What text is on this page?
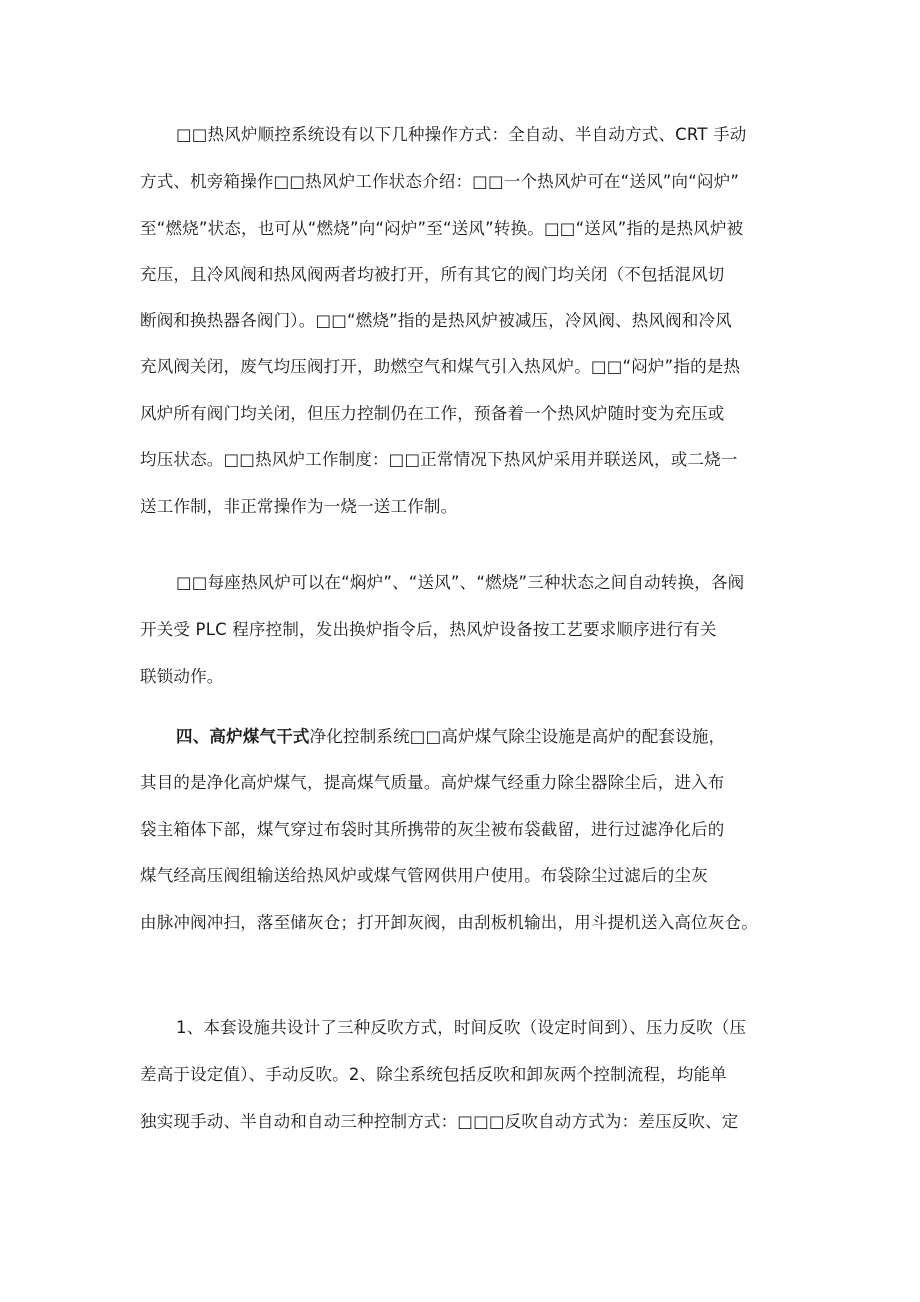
□□热风炉顺控系统设有以下几种操作方式：全自动、半自动方式、CRT 手动
方式、机旁箱操作□□热风炉工作状态介绍：□□一个热风炉可在“送风”向“闷炉”
至“燃烧”状态，也可从“燃烧”向“闷炉”至“送风”转换。□□“送风”指的是热风炉被
充压，且冷风阀和热风阀两者均被打开，所有其它的阀门均关闭（不包括混风切
断阀和换热器各阀门）。□□“燃烧”指的是热风炉被减压，冷风阀、热风阀和冷风
充风阀关闭，废气均压阀打开，助燃空气和煤气引入热风炉。□□“闷炉”指的是热
风炉所有阀门均关闭，但压力控制仍在工作，预备着一个热风炉随时变为充压或
均压状态。□□热风炉工作制度：□□正常情况下热风炉采用并联送风，或二烧一
送工作制，非正常操作为一烧一送工作制。
□□每座热风炉可以在“焖炉”、“送风”、“燃烧”三种状态之间自动转换，各阀
开关受 PLC 程序控制，发出换炉指令后，热风炉设备按工艺要求顺序进行有关
联锁动作。
四、高炉煤气干式净化控制系统□□高炉煤气除尘设施是高炉的配套设施，
其目的是净化高炉煤气，提高煤气质量。高炉煤气经重力除尘器除尘后，进入布
袋主箱体下部，煤气穿过布袋时其所携带的灰尘被布袋截留，进行过滤净化后的
煤气经高压阀组输送给热风炉或煤气管网供用户使用。布袋除尘过滤后的尘灰
由脉冲阀冲扫，落至储灰仓；打开卸灰阀，由刮板机输出，用斗提机送入高位灰仓。
1、本套设施共设计了三种反吹方式，时间反吹（设定时间到）、压力反吹（压
差高于设定值）、手动反吹。2、除尘系统包括反吹和卸灰两个控制流程，均能单
独实现手动、半自动和自动三种控制方式：□□□反吹自动方式为：差压反吹、定
